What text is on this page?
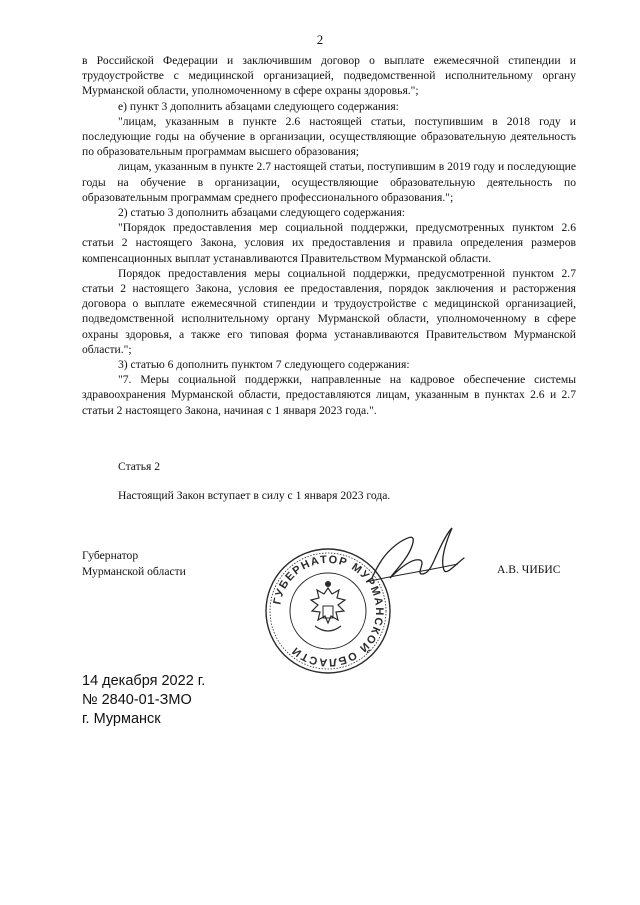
2

в Российской Федерации и заключившим договор о выплате ежемесячной стипендии и трудоустройстве с медицинской организацией, подведомственной исполнительному органу Мурманской области, уполномоченному в сфере охраны здоровья.";

е) пункт 3 дополнить абзацами следующего содержания:

"лицам, указанным в пункте 2.6 настоящей статьи, поступившим в 2018 году и последующие годы на обучение в организации, осуществляющие образовательную деятельность по образовательным программам высшего образования;

лицам, указанным в пункте 2.7 настоящей статьи, поступившим в 2019 году и последующие годы на обучение в организации, осуществляющие образовательную деятельность по образовательным программам среднего профессионального образования.";

2) статью 3 дополнить абзацами следующего содержания:

"Порядок предоставления мер социальной поддержки, предусмотренных пунктом 2.6 статьи 2 настоящего Закона, условия их предоставления и правила определения размеров компенсационных выплат устанавливаются Правительством Мурманской области.

Порядок предоставления меры социальной поддержки, предусмотренной пунктом 2.7 статьи 2 настоящего Закона, условия ее предоставления, порядок заключения и расторжения договора о выплате ежемесячной стипендии и трудоустройстве с медицинской организацией, подведомственной исполнительному органу Мурманской области, уполномоченному в сфере охраны здоровья, а также его типовая форма устанавливаются Правительством Мурманской области.";

3) статью 6 дополнить пунктом 7 следующего содержания:

"7. Меры социальной поддержки, направленные на кадровое обеспечение системы здравоохранения Мурманской области, предоставляются лицам, указанным в пунктах 2.6 и 2.7 статьи 2 настоящего Закона, начиная с 1 января 2023 года.".

Статья 2
Настоящий Закон вступает в силу с 1 января 2023 года.
Губернатор
Мурманской области
ГУБЕРНАТОР МУРМАНСКОЙ ОБЛАСТИ
А.В. ЧИБИС
14 декабря 2022 г.
№ 2840-01-ЗМО
г. Мурманск
